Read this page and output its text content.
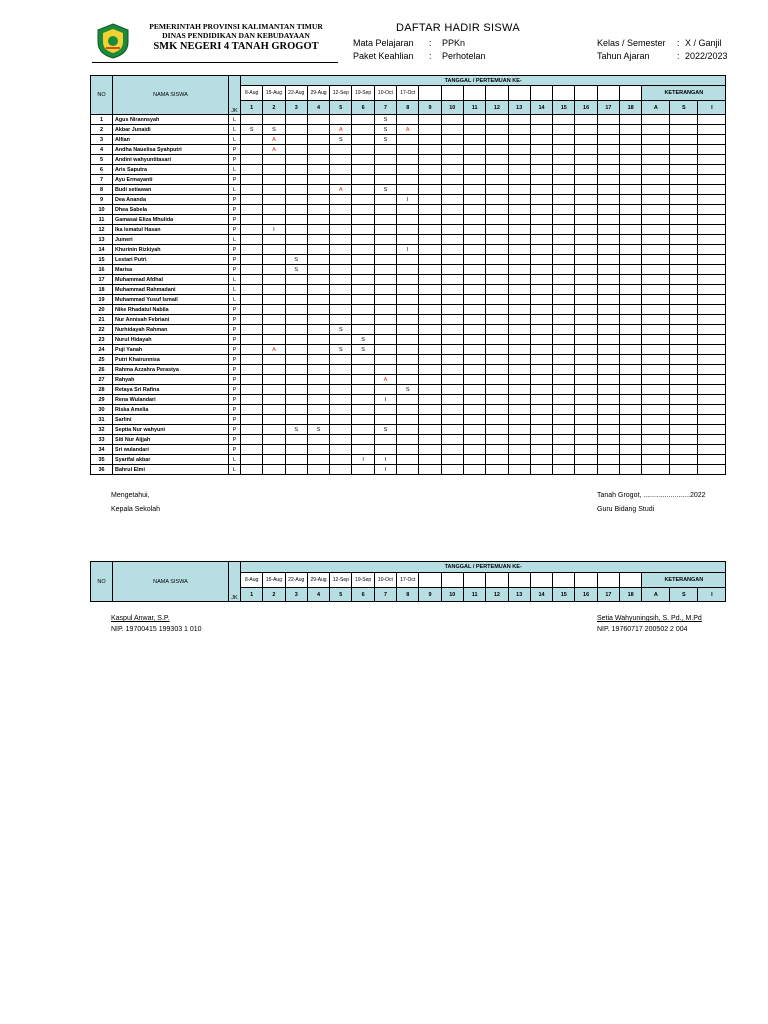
PEMERINTAH PROVINSI KALIMANTAN TIMUR
DINAS PENDIDIKAN DAN KEBUDAYAAN
SMK NEGERI 4 TANAH GROGOT
DAFTAR HADIR SISWA
Mata Pelajaran : PPKn
Paket Keahlian : Perhotelan
Kelas / Semester : X / Ganjil
Tahun Ajaran	: 2022/2023
NO	NAMA SISWA	JK	TANGGAL / PERTEMUAN KE-																				
			8-Aug	15-Aug	22-Aug	29-Aug	12-Sep	19-Sep	10-Oct	17-Oct											KETERANGAN		
			1	2	3	4	5	6	7	8	9	10	11	12	13	14	15	16	17	18	A	S	I
1	Agus Nirannsyah	L							S														
2	Akbar Junaidi	L	S	S			A		S	A													
3	Alfian	L		A			S		S														
4	Andha Nauelisa Syahputri	P		A																			
5	Andini wahyuntitasari	P																					
6	Aris Saputra	L																					
7	Ayu Ermayanti	P																					
8	Budi setiawan	L					A		S														
9	Dea Ananda	P								I													
10	Dhea Sabela	P																					
11	Gamasai Eliza Mhulida	P																					
12	Ika Ismatul Hasan	P		I																			
13	Jumeri	L																					
14	Khurinin Rizkiyah	P								I													
15	Lestari Putri	P			S																		
16	Marisa	P			S																		
17	Muhammad Afdhal	L																					
18	Muhammad Rahmadani	L																					
19	Muhammad Yusuf Ismail	L																					
20	Nike Rhadatul Nabila	P																					
21	Nur Annisah Febriani	P																					
22	Nurhidayah Rahman	P					S																
23	Nurul Hidayah	P						S															
24	Puji Yanah	P		A			S	S															
25	Putri Khairunnisa	P																					
26	Rahma Azzahra Perastya	P																					
27	Rahyah	P							A														
28	Retaya Sri Rafina	P								S													
29	Rena Wulandari	P							I														
30	Riska Amelia	P																					
31	Sarlini	P																					
32	Septia Nur wahyuni	P			S	S			S														
33	Siti Nur Aijjah	P																					
34	Sri wulandari	P																					
35	Syarifal akbar	L						I	I														
36	Bahrul Elmi	L							I														
Mengetahui,
Kepala Sekolah
Tanah Grogot, ........................2022
Guru Bidang Studi
NO	NAMA SISWA	JK	TANGGAL / PERTEMUAN KE-																				
			8-Aug	15-Aug	22-Aug	29-Aug	12-Sep	19-Sep	10-Oct	17-Oct											KETERANGAN		
			1	2	3	4	5	6	7	8	9	10	11	12	13	14	15	16	17	18	A	S	I
Kaspul Anwar, S.P.
NIP. 19700415 199303 1 010
Setia Wahyuningsih, S. Pd., M.Pd
NIP. 19760717 200502 2 004
